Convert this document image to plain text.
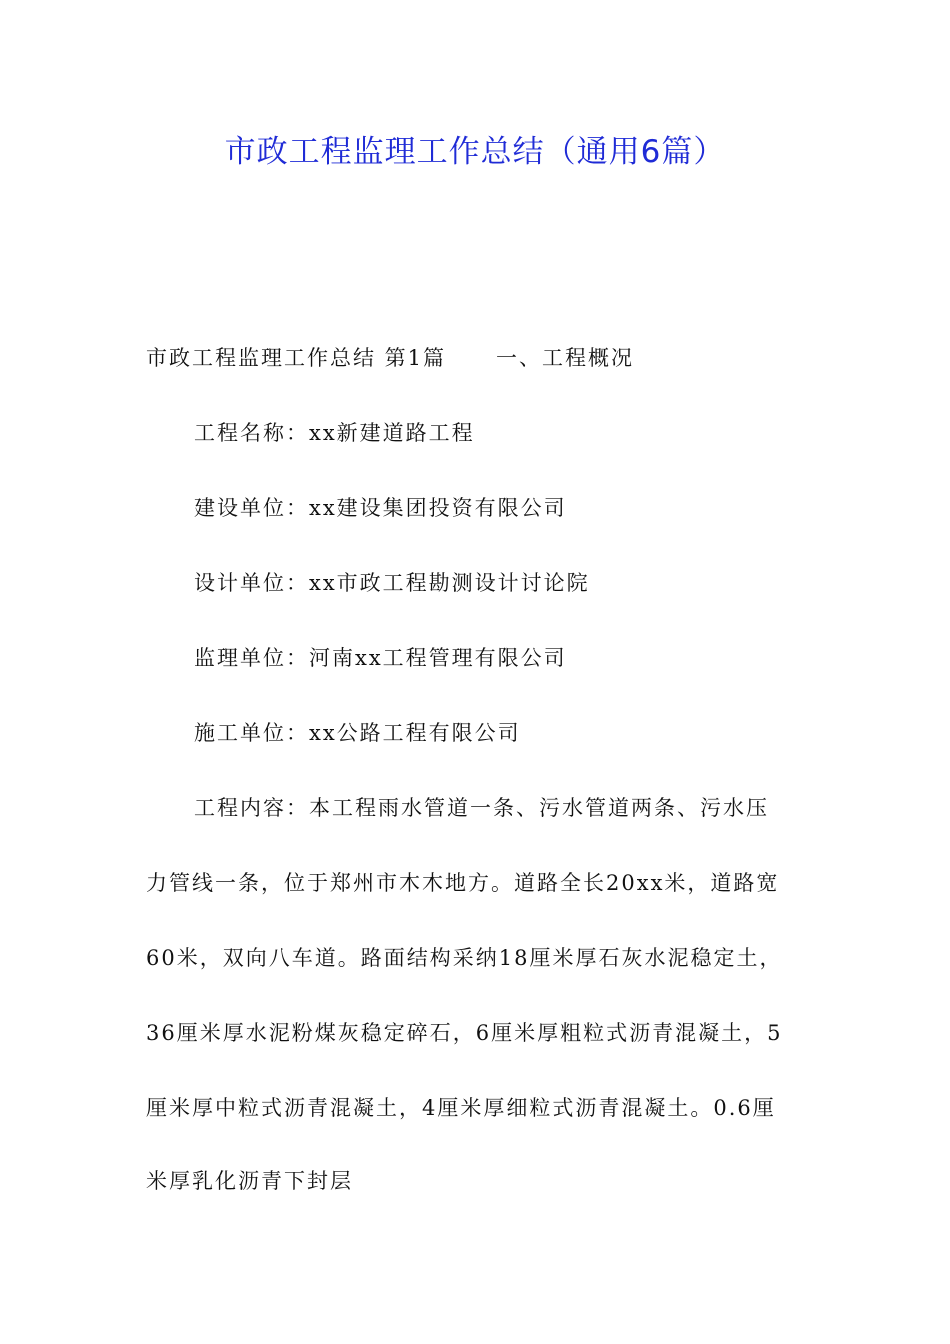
市政工程监理工作总结（通用6篇）
市政工程监理工作总结 第1篇 一、工程概况
工程名称：xx新建道路工程
建设单位：xx建设集团投资有限公司
设计单位：xx市政工程勘测设计讨论院
监理单位：河南xx工程管理有限公司
施工单位：xx公路工程有限公司
工程内容：本工程雨水管道一条、污水管道两条、污水压
力管线一条，位于郑州市木木地方。道路全长20xx米，道路宽
60米，双向八车道。路面结构采纳18厘米厚石灰水泥稳定土，
36厘米厚水泥粉煤灰稳定碎石，6厘米厚粗粒式沥青混凝土，5
厘米厚中粒式沥青混凝土，4厘米厚细粒式沥青混凝土。0.6厘
米厚乳化沥青下封层
